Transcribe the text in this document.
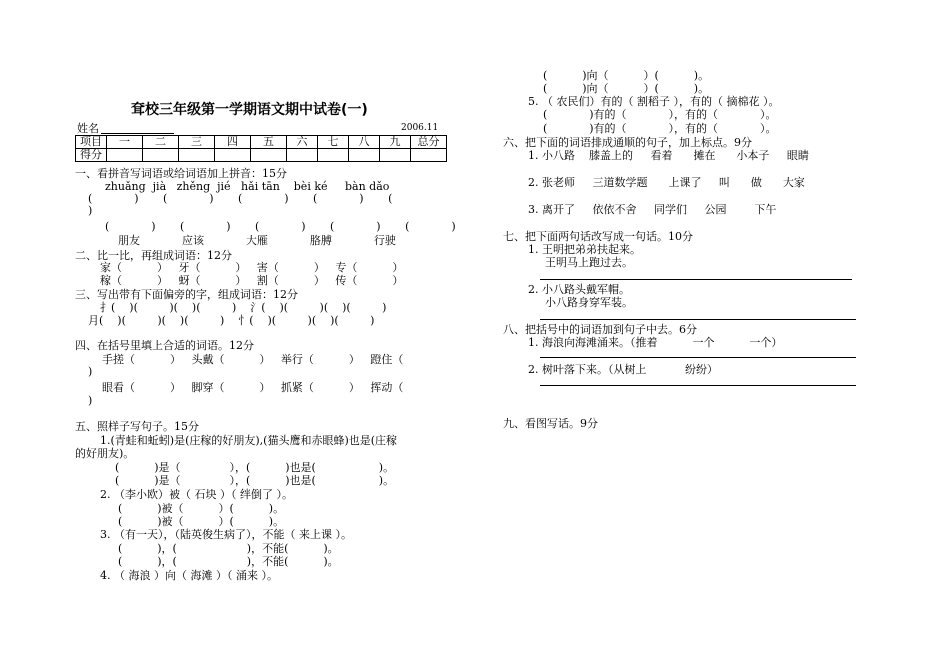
耷校三年级第一学期语文期中试卷(一)
姓名	2006.11
项目	一	二	三	四	五	六	七	八	九	总分
得分										
一、看拼音写词语或给词语加上拼音：15分
zhuǎng  jià   zhěng  jié   hǎi tān    bèi ké     bàn dǎo
(            )       (            )       (            )       (            )       (
)
(            )       (            )       (            )       (            )       (            )
朋友            应该            大雁            胳膊            行驶
二、比一比，再组成词语：12分
家（          ）   牙（          ）   害（          ）   专（          ）
稼（          ）   蚜（          ）   割（          ）   传（          ）
三、写出带有下面偏旁的字，组成词语：12分
扌(    )(         )(    )(         )    氵(    )(         )(    )(         )
月(    )(         )(    )(         )    忄(    )(         )(    )(         )
四、在括号里填上合适的词语。12分
手搓（          ）   头戴（          ）   举行（          ）   蹬住（
)
眼看（          ）   脚穿（          ）   抓紧（          ）   挥动（
)
五、照样子写句子。15分
1.(青蛙和蚯蚓)是(庄稼的好朋友),(猫头鹰和赤眼蜂)也是(庄稼
的好朋友)。
(          )是（              ），(          )也是(                  )。
(          )是（              ），(          )也是(                  )。
2. （李小欧）被（ 石块 ）（ 绊倒了 ）。
(          )被（          ）(          )。
(          )被（          ）(          )。
3. （有一天），（陆英俊生病了），不能（ 来上课 ）。
(          )，(                    )，不能(          )。
(          )，(                    )，不能(          )。
4. （ 海浪 ）向（ 海滩 ）（ 涌来 ）。
(          )向（          ）(          )。
(          )向（          ）(          )。
5. （ 农民们）有的（ 割稻子 ），有的（ 摘棉花 ）。
(            )有的（            ），有的（            ）。
(            )有的（            ），有的（            ）。
六、把下面的词语排成通顺的句子，加上标点。9分
1. 小八路    膝盖上的     看着      摊在      小本子     眼睛
2. 张老师     三道数学题      上课了     叫      做      大家
3. 离开了     依依不舍     同学们     公园        下午
七、把下面两句话改写成一句话。10分
1. 王明把弟弟扶起来。
王明马上跑过去。
2. 小八路头戴军帽。
小八路身穿军装。
八、把括号中的词语加到句子中去。6分
1. 海浪向海滩涌来。（推着          一个          一个）
2. 树叶落下来。（从树上           纷纷）
九、看图写话。9分
